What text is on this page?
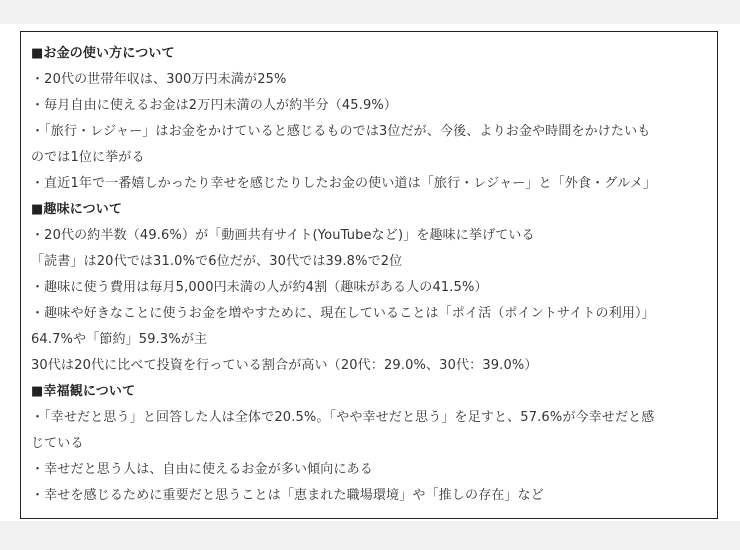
■お金の使い方について
・20代の世帯年収は、300万円未満が25%
・毎月自由に使えるお金は2万円未満の人が約半分（45.9%）
・「旅行・レジャー」はお金をかけていると感じるものでは3位だが、今後、よりお金や時間をかけたいも
のでは1位に挙がる
・直近1年で一番嬉しかったり幸せを感じたりしたお金の使い道は「旅行・レジャー」と「外食・グルメ」
■趣味について
・20代の約半数（49.6%）が「動画共有サイト(YouTubeなど)」を趣味に挙げている
「読書」は20代では31.0%で6位だが、30代では39.8%で2位
・趣味に使う費用は毎月5,000円未満の人が約4割（趣味がある人の41.5%）
・趣味や好きなことに使うお金を増やすために、現在していることは「ポイ活（ポイントサイトの利用）」
64.7%や「節約」59.3%が主
30代は20代に比べて投資を行っている割合が高い（20代：29.0%、30代：39.0%）
■幸福観について
・「幸せだと思う」と回答した人は全体で20.5%。「やや幸せだと思う」を足すと、57.6%が今幸せだと感
じている
・幸せだと思う人は、自由に使えるお金が多い傾向にある
・幸せを感じるために重要だと思うことは「恵まれた職場環境」や「推しの存在」など
